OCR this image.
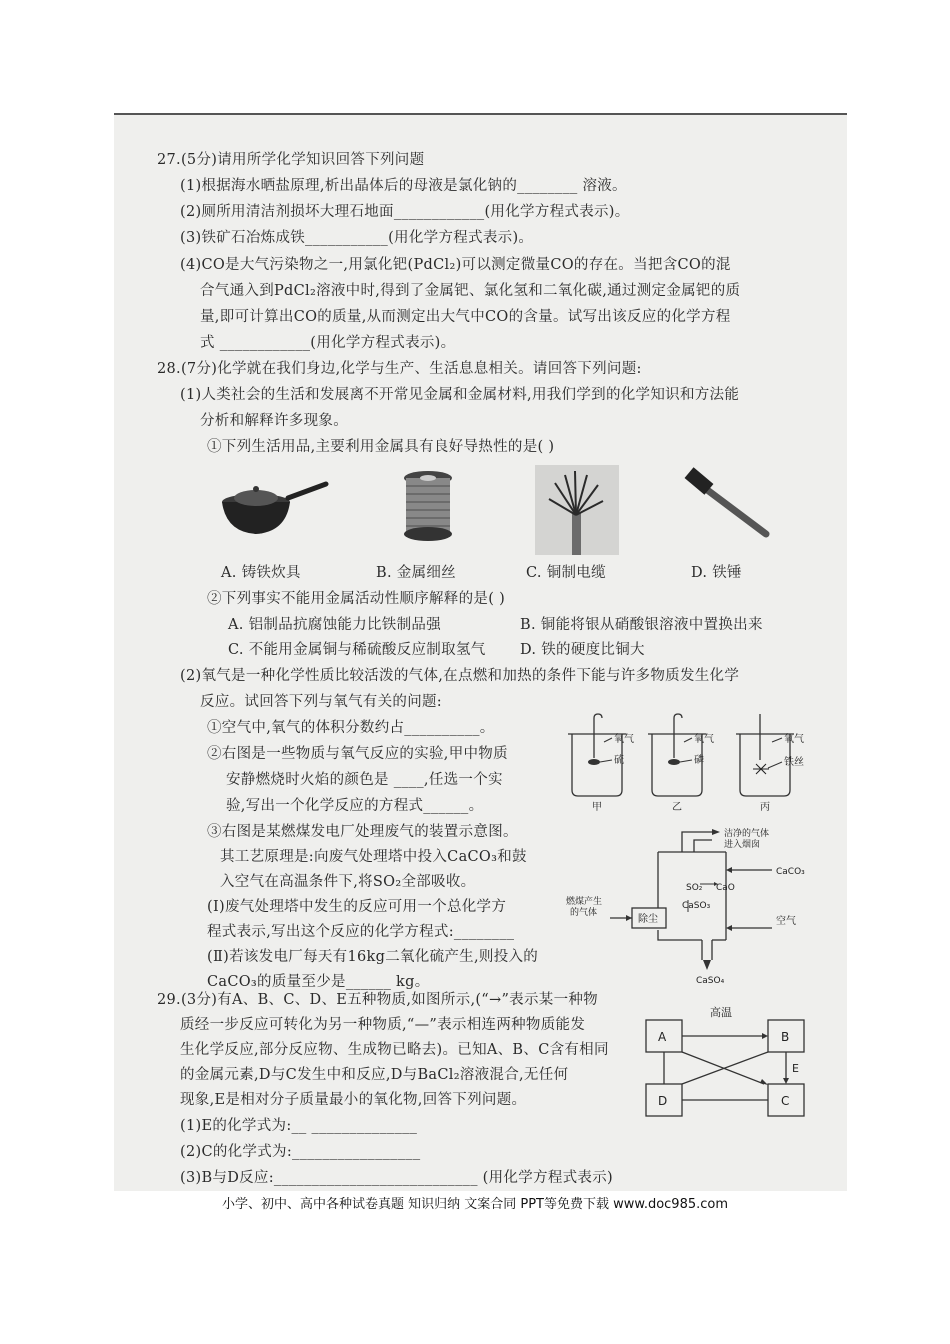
27.(5分)请用所学化学知识回答下列问题
(1)根据海水晒盐原理,析出晶体后的母液是氯化钠的________ 溶液。
(2)厕所用清洁剂损坏大理石地面____________(用化学方程式表示)。
(3)铁矿石冶炼成铁___________(用化学方程式表示)。
(4)CO是大气污染物之一,用氯化钯(PdCl₂)可以测定微量CO的存在。当把含CO的混
合气通入到PdCl₂溶液中时,得到了金属钯、氯化氢和二氧化碳,通过测定金属钯的质
量,即可计算出CO的质量,从而测定出大气中CO的含量。试写出该反应的化学方程
式 ____________(用化学方程式表示)。
28.(7分)化学就在我们身边,化学与生产、生活息息相关。请回答下列问题:
(1)人类社会的生活和发展离不开常见金属和金属材料,用我们学到的化学知识和方法能
分析和解释许多现象。
①下列生活用品,主要利用金属具有良好导热性的是( )
A. 铸铁炊具	B. 金属细丝	C. 铜制电缆	D. 铁锤
②下列事实不能用金属活动性顺序解释的是( )
A. 铝制品抗腐蚀能力比铁制品强	B. 铜能将银从硝酸银溶液中置换出来
C. 不能用金属铜与稀硫酸反应制取氢气 D. 铁的硬度比铜大
(2)氧气是一种化学性质比较活泼的气体,在点燃和加热的条件下能与许多物质发生化学
反应。试回答下列与氧气有关的问题:
①空气中,氧气的体积分数约占__________。
②右图是一些物质与氧气反应的实验,甲中物质
安静燃烧时火焰的颜色是 ____,任选一个实
验,写出一个化学反应的方程式______。
③右图是某燃煤发电厂处理废气的装置示意图。
其工艺原理是:向废气处理塔中投入CaCO₃和鼓
入空气在高温条件下,将SO₂全部吸收。
(Ⅰ)废气处理塔中发生的反应可用一个总化学方
程式表示,写出这个反应的化学方程式:________
(Ⅱ)若该发电厂每天有16kg二氧化硫产生,则投入的
CaCO₃的质量至少是______ kg。
氧气
硫
氧气
磷
氧气
铁丝
甲	乙	丙
洁净的气体
进入烟囱
CaCO₃
SO₂ CaO
CaSO₃
燃煤产生
的气体
除尘	空气
CaSO₄
29.(3分)有A、B、C、D、E五种物质,如图所示,(“→”表示某一种物
质经一步反应可转化为另一种物质,“—”表示相连两种物质能发
生化学反应,部分反应物、生成物已略去)。已知A、B、C含有相同
的金属元素,D与C发生中和反应,D与BaCl₂溶液混合,无任何
现象,E是相对分子质量最小的氧化物,回答下列问题。
(1)E的化学式为:__ ______________
(2)C的化学式为:_________________
(3)B与D反应:___________________________ (用化学方程式表示)
高温
A	B
D	C
E
小学、初中、高中各种试卷真题 知识归纳 文案合同 PPT等免费下载 www.doc985.com
